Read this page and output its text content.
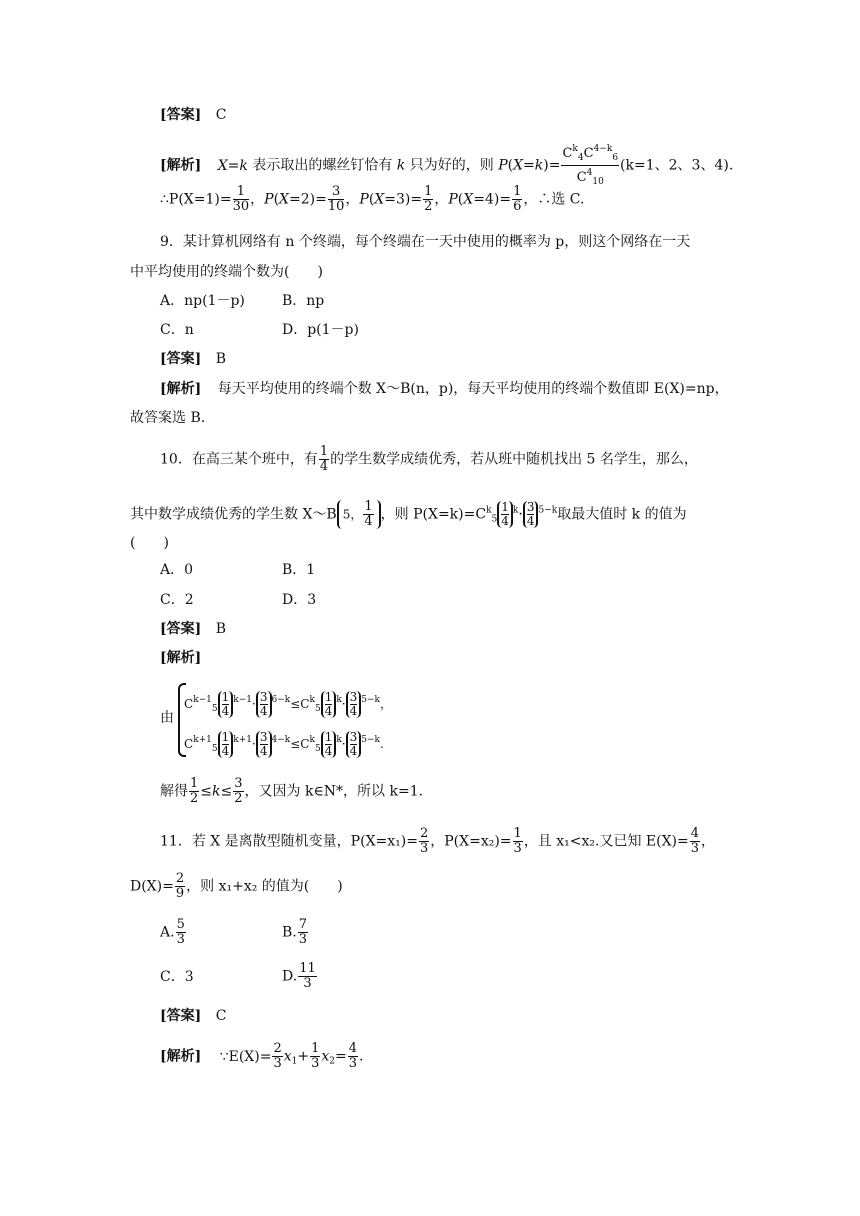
[答案] C
[解析] X=k 表示取出的螺丝钉恰有 k 只为好的，则 $P(X=k)= \frac{C^k_4C^{4-k}_6}{C^4_{10}} (k=1$、2、3、4).
∴P(X=1)= $\frac{1}{30}$ ，$P(X=2)= \frac{3}{10}$ ，$P(X=3)= \frac{1}{2}$ ，$P(X=4)= \frac{1}{6}$ ，∴选 C.
9．某计算机网络有 n 个终端，每个终端在一天中使用的概率为 p，则这个网络在一天
中平均使用的终端个数为(　　)
A．np(1－p)	B．np
C．n	D．p(1－p)
[答案] B
[解析] 每天平均使用的终端个数 X～B(n，p)，每天平均使用的终端个数值即 E(X)=np，
故答案选 B.
10．在高三某个班中，有 $\frac{1}{4}$ 的学生数学成绩优秀，若从班中随机找出 5 名学生，那么，
其中数学成绩优秀的学生数 X～B 5， $\frac{1}{4}$ ，则 $P(X=k)=C^k_5 \frac{1}{4} ^k\cdot \frac{3}{4} ^{5-k}$取最大值时 k 的值为
(　　)
A．0	B．1
C．2	D．3
[答案] B
[解析]
由
$C^{k-1}_5 \frac{1}{4} ^{k-1}\cdot \frac{3}{4} ^{6-k}\le C^k_5 \frac{1}{4} ^k\cdot \frac{3}{4} ^{5-k}$，
$C^{k+1}_5 \frac{1}{4} ^{k+1}\cdot \frac{3}{4} ^{4-k}\le C^k_5 \frac{1}{4} ^k\cdot \frac{3}{4} ^{5-k}$.
解得 $\frac{1}{2} \le k\le \frac{3}{2}$ ，又因为 k∈N*，所以 k=1.
11．若 X 是离散型随机变量，$P(X=x_1)= \frac{2}{3}$ ，$P(X=x_2)= \frac{1}{3}$ ，且 x₁<x₂.又已知 $E(X)= \frac{4}{3}$ ，
$D(X)= \frac{2}{9}$ ，则 x₁+x₂ 的值为(　　)
A. $\frac{5}{3}$	B. $\frac{7}{3}$
C．3	D. $\frac{11}{3}$
[答案] C
[解析] ∵E(X)= $\frac{2}{3} x_1+ \frac{1}{3} x_2= \frac{4}{3}$ .
